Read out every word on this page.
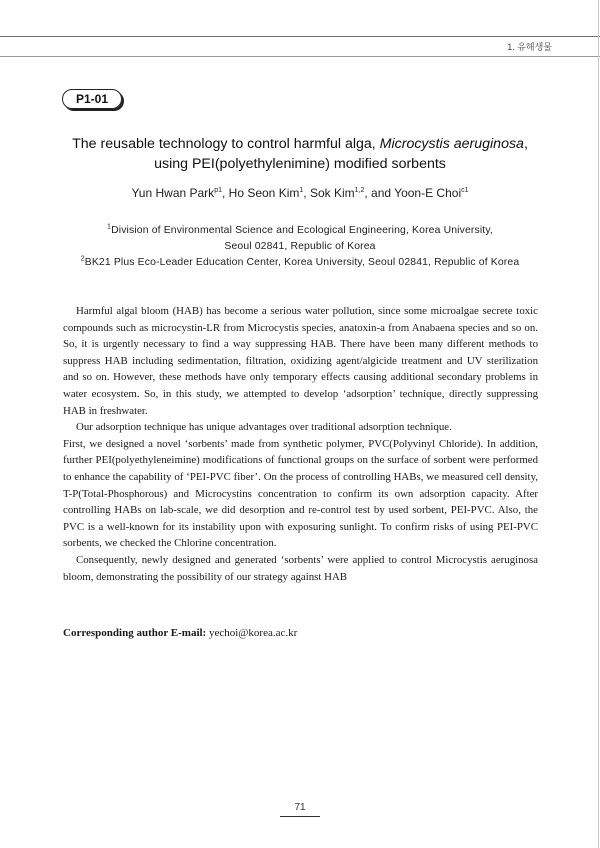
1. 유해생물
P1-01
The reusable technology to control harmful alga, Microcystis aeruginosa,
using PEI(polyethylenimine) modified sorbents
Yun Hwan Park$^{p1}$, Ho Seon Kim$^1$, Sok Kim$^{1,2}$, and Yoon-E Choi$^{c1}$
$^1$Division of Environmental Science and Ecological Engineering, Korea University,
Seoul 02841, Republic of Korea
$^2$BK21 Plus Eco-Leader Education Center, Korea University, Seoul 02841, Republic of Korea

Harmful algal bloom (HAB) has become a serious water pollution, since some microalgae secrete toxic compounds such as microcystin-LR from Microcystis species, anatoxin-a from Anabaena species and so on. So, it is urgently necessary to find a way suppressing HAB. There have been many different methods to suppress HAB including sedimentation, filtration, oxidizing agent/algicide treatment and UV sterilization and so on. However, these methods have only temporary effects causing additional secondary problems in water ecosystem. So, in this study, we attempted to develop ‘adsorption’ technique, directly suppressing HAB in freshwater.

Our adsorption technique has unique advantages over traditional adsorption technique.

First, we designed a novel ‘sorbents’ made from synthetic polymer, PVC(Polyvinyl Chloride). In addition, further PEI(polyethyleneimine) modifications of functional groups on the surface of sorbent were performed to enhance the capability of ‘PEI-PVC fiber’. On the process of controlling HABs, we measured cell density, T-P(Total-Phosphorous) and Microcystins concentration to confirm its own adsorption capacity. After controlling HABs on lab-scale, we did desorption and re-control test by used sorbent, PEI-PVC. Also, the PVC is a well-known for its instability upon with exposuring sunlight. To confirm risks of using PEI-PVC sorbents, we checked the Chlorine concentration.

Consequently, newly designed and generated ‘sorbents’ were applied to control Microcystis aeruginosa bloom, demonstrating the possibility of our strategy against HAB

Corresponding author E-mail: yechoi@korea.ac.kr
71
